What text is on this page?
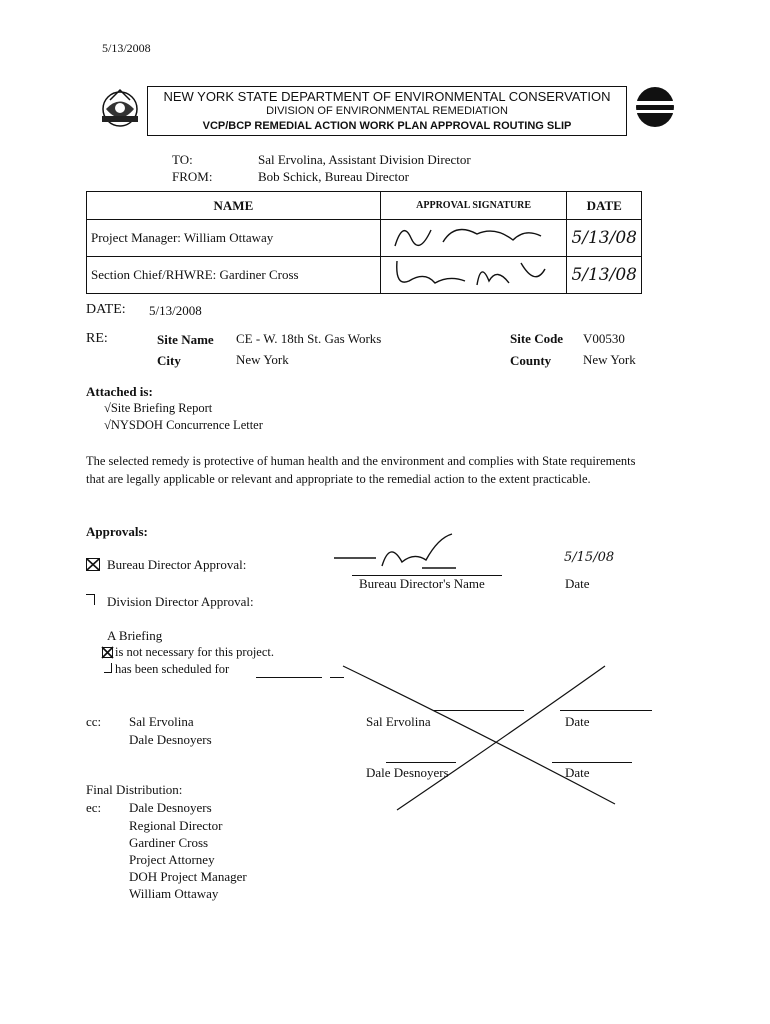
5/13/2008
NEW YORK STATE DEPARTMENT OF ENVIRONMENTAL CONSERVATION
DIVISION OF ENVIRONMENTAL REMEDIATION
VCP/BCP REMEDIAL ACTION WORK PLAN APPROVAL ROUTING SLIP
TO:	Sal Ervolina, Assistant Division Director
FROM:	Bob Schick, Bureau Director
NAME	APPROVAL SIGNATURE	DATE
Project Manager: William Ottaway		5/13/08
Section Chief/RHWRE: Gardiner Cross		5/13/08
DATE: 5/13/2008
RE:	Site Name CE - W. 18th St. Gas Works	Site Code V00530
City	New York	County New York
Attached is:
√Site Briefing Report
√NYSDOH Concurrence Letter
The selected remedy is protective of human health and the environment and complies with State requirements that are legally applicable or relevant and appropriate to the remedial action to the extent practicable.
Approvals:
Bureau Director Approval:
Bureau Director's Name
5/15/08
Date
Division Director Approval:
A Briefing
is not necessary for this project.
has been scheduled for
cc: Sal Ervolina
Dale Desnoyers
Sal Ervolina	Date
Dale Desnoyers	Date
Final Distribution:
ec: Dale Desnoyers
Regional Director
Gardiner Cross
Project Attorney
DOH Project Manager
William Ottaway
